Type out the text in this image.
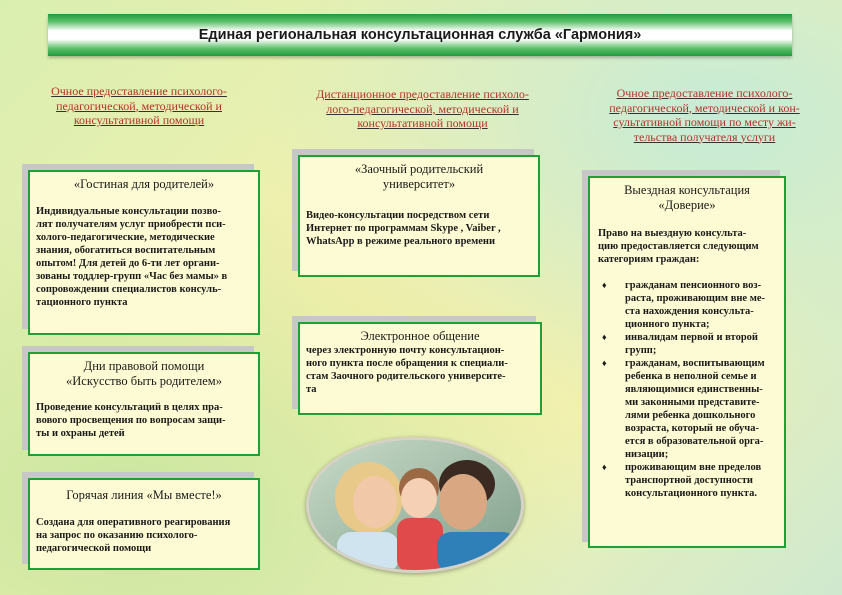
Единая региональная консультационная служба «Гармония»
Очное предоставление психолого-
педагогической, методической и
консультативной помощи
Дистанционное предоставление психоло-
лого-педагогической, методической и
консультативной помощи
Очное предоставление психолого-
педагогической, методической и кон-
сультативной помощи по месту жи-
тельства получателя услуги
«Гостиная для родителей»
Индивидуальные консультации позво-
лят получателям услуг приобрести пси-
холого-педагогические, методические
знания, обогатиться воспитательным
опытом! Для детей до 6-ти лет органи-
зованы тоддлер-групп «Час без мамы» в
сопровождении специалистов консуль-
тационного пункта
Дни правовой помощи
«Искусство быть родителем»
Проведение консультаций в целях пра-
вового просвещения по вопросам защи-
ты и охраны детей
Горячая линия «Мы вместе!»
Создана для оперативного реагирования
на запрос по оказанию психолого-
педагогической помощи
«Заочный родительский
университет»
Видео-консультации посредством сети
Интернет по программам Skype , Vaiber ,
WhatsApp в режиме реального времени
Электронное общение
через электронную почту консультацион-
ного пункта после обращения к специали-
стам Заочного родительского университе-
та
Выездная консультация
«Доверие»
Право на выездную консульта-
цию предоставляется следующим
категориям граждан:
♦ гражданам пенсионного воз-
раста, проживающим вне ме-
ста нахождения консульта-
ционного пункта;
♦ инвалидам первой и второй
групп;
♦ гражданам, воспитывающим
ребенка в неполной семье и
являющимися единственны-
ми законными представите-
лями ребенка дошкольного
возраста, который не обуча-
ется в образовательной орга-
низации;
♦ проживающим вне пределов
транспортной доступности
консультационного пункта.
